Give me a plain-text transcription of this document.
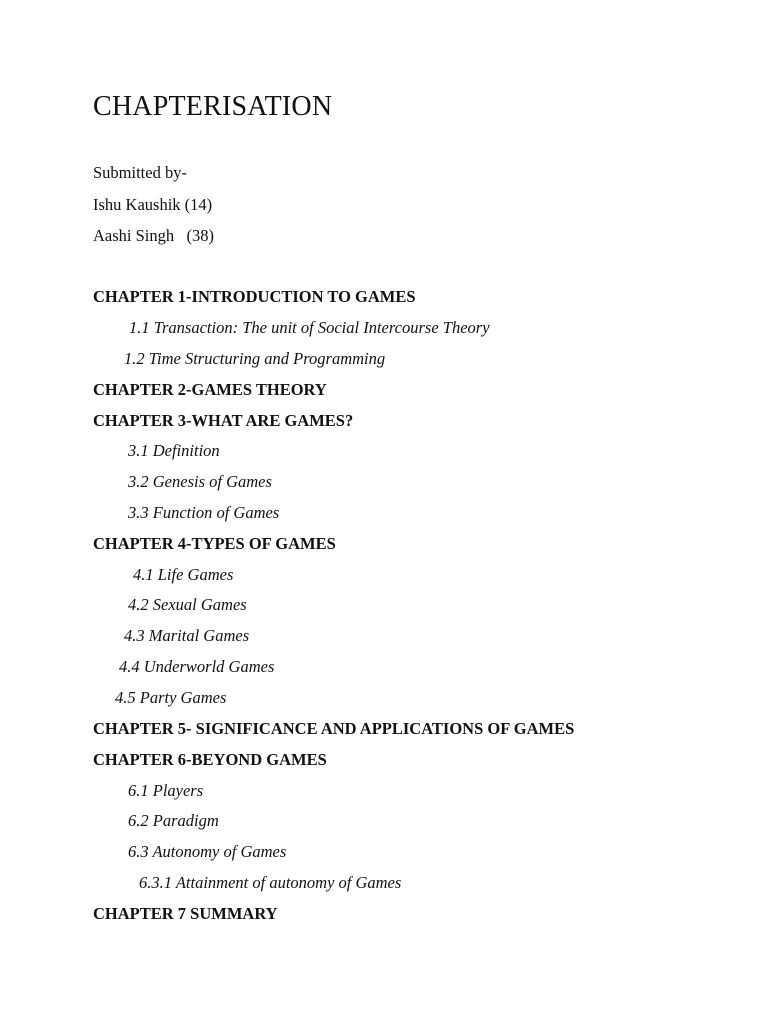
CHAPTERISATION
Submitted by-
Ishu Kaushik (14)
Aashi Singh   (38)
CHAPTER 1-INTRODUCTION TO GAMES
1.1 Transaction: The unit of Social Intercourse Theory
1.2 Time Structuring and Programming
CHAPTER 2-GAMES THEORY
CHAPTER 3-WHAT ARE GAMES?
3.1 Definition
3.2 Genesis of Games
3.3 Function of Games
CHAPTER 4-TYPES OF GAMES
4.1 Life Games
4.2 Sexual Games
4.3 Marital Games
4.4 Underworld Games
4.5 Party Games
CHAPTER 5- SIGNIFICANCE AND APPLICATIONS OF GAMES
CHAPTER 6-BEYOND GAMES
6.1 Players
6.2 Paradigm
6.3 Autonomy of Games
6.3.1 Attainment of autonomy of Games
CHAPTER 7 SUMMARY
